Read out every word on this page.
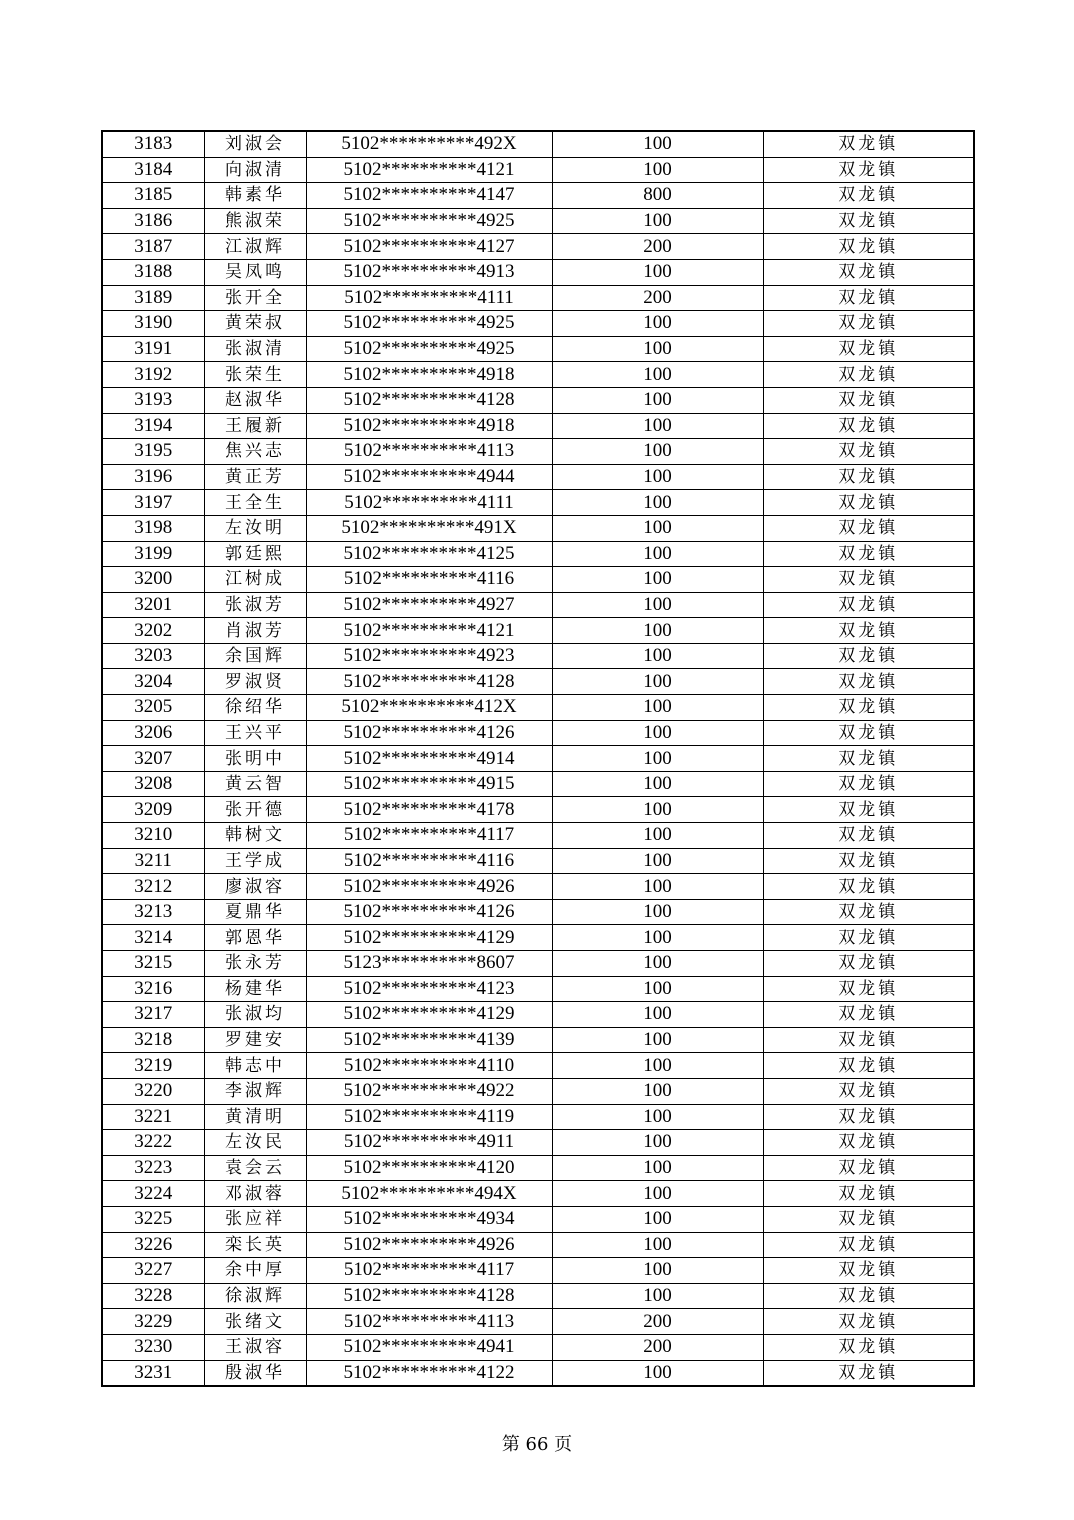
3183	刘淑会	5102**********492X	100	双龙镇
3184	向淑清	5102**********4121	100	双龙镇
3185	韩素华	5102**********4147	800	双龙镇
3186	熊淑荣	5102**********4925	100	双龙镇
3187	江淑辉	5102**********4127	200	双龙镇
3188	吴凤鸣	5102**********4913	100	双龙镇
3189	张开全	5102**********4111	200	双龙镇
3190	黄荣叔	5102**********4925	100	双龙镇
3191	张淑清	5102**********4925	100	双龙镇
3192	张荣生	5102**********4918	100	双龙镇
3193	赵淑华	5102**********4128	100	双龙镇
3194	王履新	5102**********4918	100	双龙镇
3195	焦兴志	5102**********4113	100	双龙镇
3196	黄正芳	5102**********4944	100	双龙镇
3197	王全生	5102**********4111	100	双龙镇
3198	左汝明	5102**********491X	100	双龙镇
3199	郭廷熙	5102**********4125	100	双龙镇
3200	江树成	5102**********4116	100	双龙镇
3201	张淑芳	5102**********4927	100	双龙镇
3202	肖淑芳	5102**********4121	100	双龙镇
3203	余国辉	5102**********4923	100	双龙镇
3204	罗淑贤	5102**********4128	100	双龙镇
3205	徐绍华	5102**********412X	100	双龙镇
3206	王兴平	5102**********4126	100	双龙镇
3207	张明中	5102**********4914	100	双龙镇
3208	黄云智	5102**********4915	100	双龙镇
3209	张开德	5102**********4178	100	双龙镇
3210	韩树文	5102**********4117	100	双龙镇
3211	王学成	5102**********4116	100	双龙镇
3212	廖淑容	5102**********4926	100	双龙镇
3213	夏鼎华	5102**********4126	100	双龙镇
3214	郭恩华	5102**********4129	100	双龙镇
3215	张永芳	5123**********8607	100	双龙镇
3216	杨建华	5102**********4123	100	双龙镇
3217	张淑均	5102**********4129	100	双龙镇
3218	罗建安	5102**********4139	100	双龙镇
3219	韩志中	5102**********4110	100	双龙镇
3220	李淑辉	5102**********4922	100	双龙镇
3221	黄清明	5102**********4119	100	双龙镇
3222	左汝民	5102**********4911	100	双龙镇
3223	袁会云	5102**********4120	100	双龙镇
3224	邓淑蓉	5102**********494X	100	双龙镇
3225	张应祥	5102**********4934	100	双龙镇
3226	栾长英	5102**********4926	100	双龙镇
3227	余中厚	5102**********4117	100	双龙镇
3228	徐淑辉	5102**********4128	100	双龙镇
3229	张绪文	5102**********4113	200	双龙镇
3230	王淑容	5102**********4941	200	双龙镇
3231	殷淑华	5102**********4122	100	双龙镇
第 66 页
